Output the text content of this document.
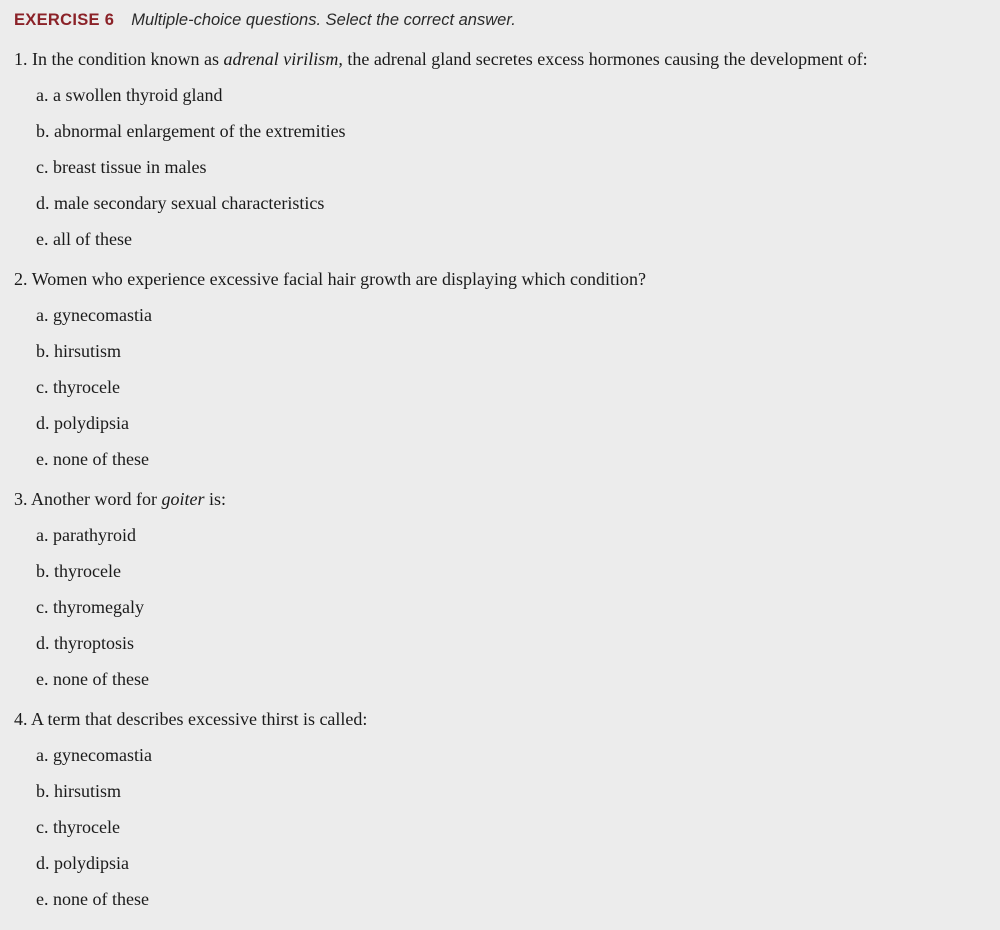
EXERCISE 6 Multiple-choice questions. Select the correct answer.

1. In the condition known as adrenal virilism, the adrenal gland secretes excess hormones causing the development of:

a. a swollen thyroid gland

b. abnormal enlargement of the extremities

c. breast tissue in males

d. male secondary sexual characteristics

e. all of these

2. Women who experience excessive facial hair growth are displaying which condition?

a. gynecomastia

b. hirsutism

c. thyrocele

d. polydipsia

e. none of these

3. Another word for goiter is:

a. parathyroid

b. thyrocele

c. thyromegaly

d. thyroptosis

e. none of these

4. A term that describes excessive thirst is called:

a. gynecomastia

b. hirsutism

c. thyrocele

d. polydipsia

e. none of these
